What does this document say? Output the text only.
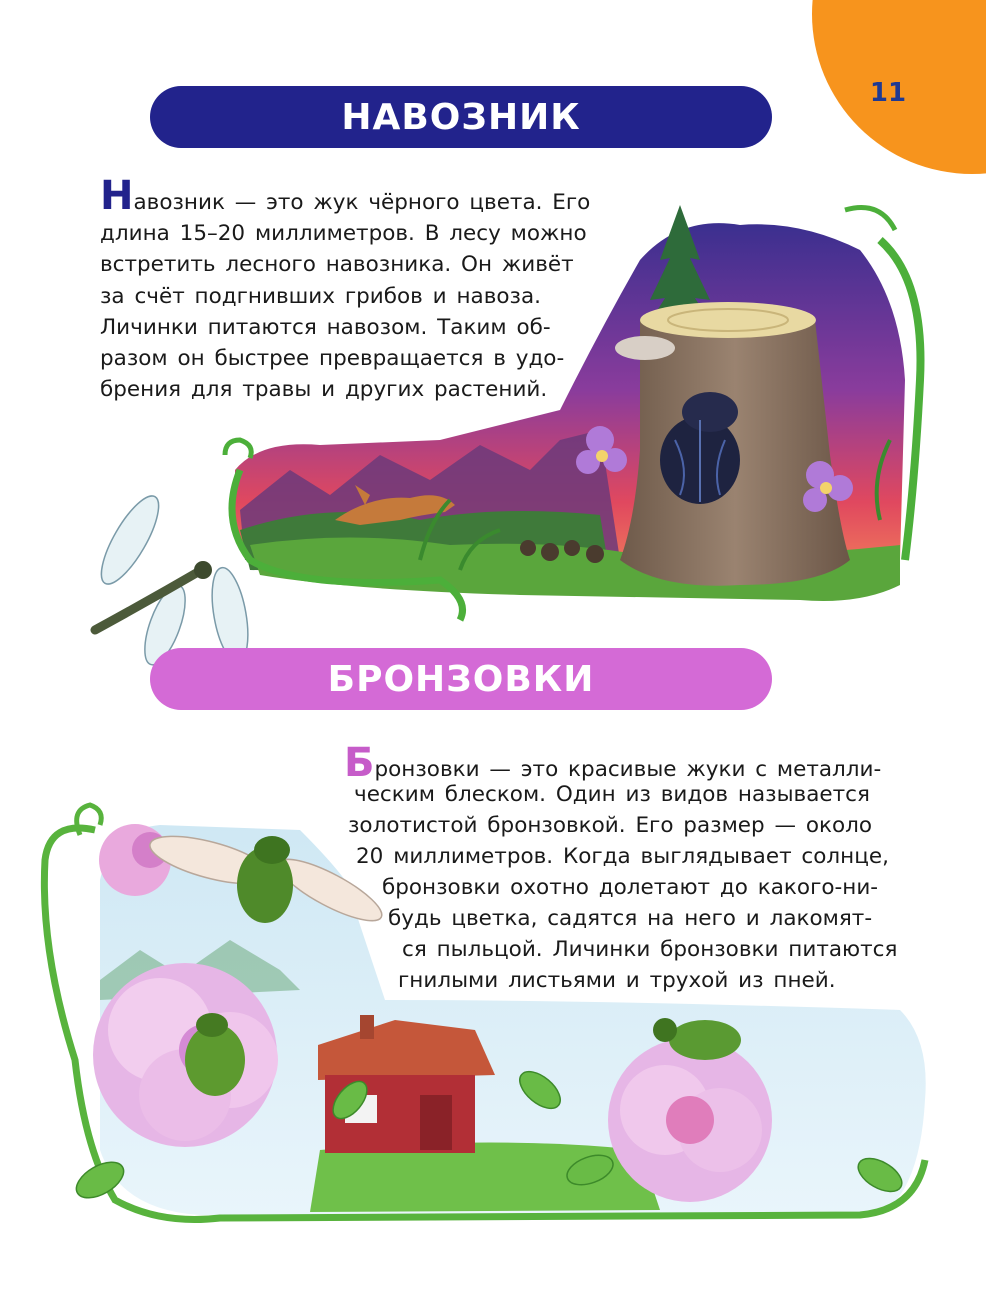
11
НАВОЗНИК
Навозник — это жук чёрного цвета. Его
длина 15–20 миллиметров. В лесу можно
встретить лесного навозника. Он живёт
за счёт подгнивших грибов и навоза.
Личинки питаются навозом. Таким об-
разом он быстрее превращается в удо-
брения для травы и других растений.
БРОНЗОВКИ
Бронзовки — это красивые жуки с металли-
ческим блеском. Один из видов называется
золотистой бронзовкой. Его размер — около
20 миллиметров. Когда выглядывает солнце,
бронзовки охотно долетают до какого-ни-
будь цветка, садятся на него и лакомят-
ся пыльцой. Личинки бронзовки питаются
гнилыми листьями и трухой из пней.
